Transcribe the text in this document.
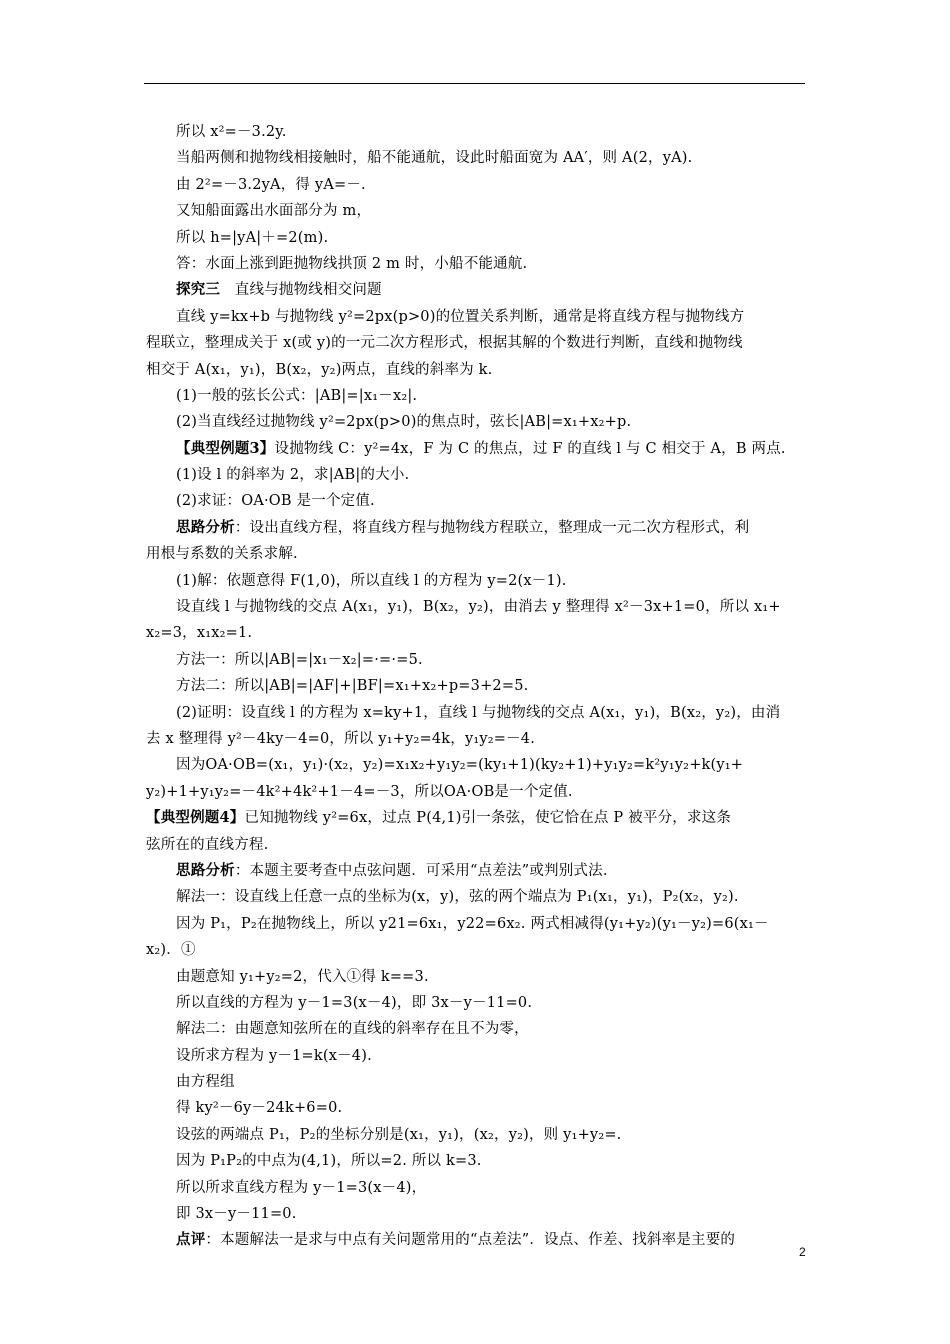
所以 x²=－3.2y.
当船两侧和抛物线相接触时，船不能通航，设此时船面宽为 AA′，则 A(2，yA).
由 2²=－3.2yA，得 yA=－.
又知船面露出水面部分为 m，
所以 h=|yA|＋=2(m).
答：水面上涨到距抛物线拱顶 2 m 时，小船不能通航.
探究三　直线与抛物线相交问题
直线 y=kx+b 与抛物线 y²=2px(p>0)的位置关系判断，通常是将直线方程与抛物线方
程联立，整理成关于 x(或 y)的一元二次方程形式，根据其解的个数进行判断，直线和抛物线
相交于 A(x₁，y₁)，B(x₂，y₂)两点，直线的斜率为 k.
(1)一般的弦长公式：|AB|=|x₁－x₂|.
(2)当直线经过抛物线 y²=2px(p>0)的焦点时，弦长|AB|=x₁+x₂+p.
【典型例题3】设抛物线 C：y²=4x，F 为 C 的焦点，过 F 的直线 l 与 C 相交于 A，B 两点.
(1)设 l 的斜率为 2，求|AB|的大小.
(2)求证：OA·OB 是一个定值.
思路分析：设出直线方程，将直线方程与抛物线方程联立，整理成一元二次方程形式，利
用根与系数的关系求解.
(1)解：依题意得 F(1,0)，所以直线 l 的方程为 y=2(x－1).
设直线 l 与抛物线的交点 A(x₁，y₁)，B(x₂，y₂)，由消去 y 整理得 x²－3x+1=0，所以 x₁+
x₂=3，x₁x₂=1.
方法一：所以|AB|=|x₁－x₂|=·=·=5.
方法二：所以|AB|=|AF|+|BF|=x₁+x₂+p=3+2=5.
(2)证明：设直线 l 的方程为 x=ky+1，直线 l 与抛物线的交点 A(x₁，y₁)，B(x₂，y₂)，由消
去 x 整理得 y²－4ky－4=0，所以 y₁+y₂=4k，y₁y₂=－4.
因为OA·OB=(x₁，y₁)·(x₂，y₂)=x₁x₂+y₁y₂=(ky₁+1)(ky₂+1)+y₁y₂=k²y₁y₂+k(y₁+
y₂)+1+y₁y₂=－4k²+4k²+1－4=－3，所以OA·OB是一个定值.
【典型例题4】已知抛物线 y²=6x，过点 P(4,1)引一条弦，使它恰在点 P 被平分，求这条
弦所在的直线方程.
思路分析：本题主要考查中点弦问题．可采用“点差法”或判别式法.
解法一：设直线上任意一点的坐标为(x，y)，弦的两个端点为 P₁(x₁，y₁)，P₂(x₂，y₂).
因为 P₁，P₂在抛物线上，所以 y21=6x₁，y22=6x₂. 两式相减得(y₁+y₂)(y₁－y₂)=6(x₁－
x₂)．①
由题意知 y₁+y₂=2，代入①得 k==3.
所以直线的方程为 y－1=3(x－4)，即 3x－y－11=0.
解法二：由题意知弦所在的直线的斜率存在且不为零，
设所求方程为 y－1=k(x－4).
由方程组
得 ky²－6y－24k+6=0.
设弦的两端点 P₁，P₂的坐标分别是(x₁，y₁)，(x₂，y₂)，则 y₁+y₂=.
因为 P₁P₂的中点为(4,1)，所以=2. 所以 k=3.
所以所求直线方程为 y－1=3(x－4)，
即 3x－y－11=0.
点评：本题解法一是求与中点有关问题常用的“点差法”．设点、作差、找斜率是主要的
2
